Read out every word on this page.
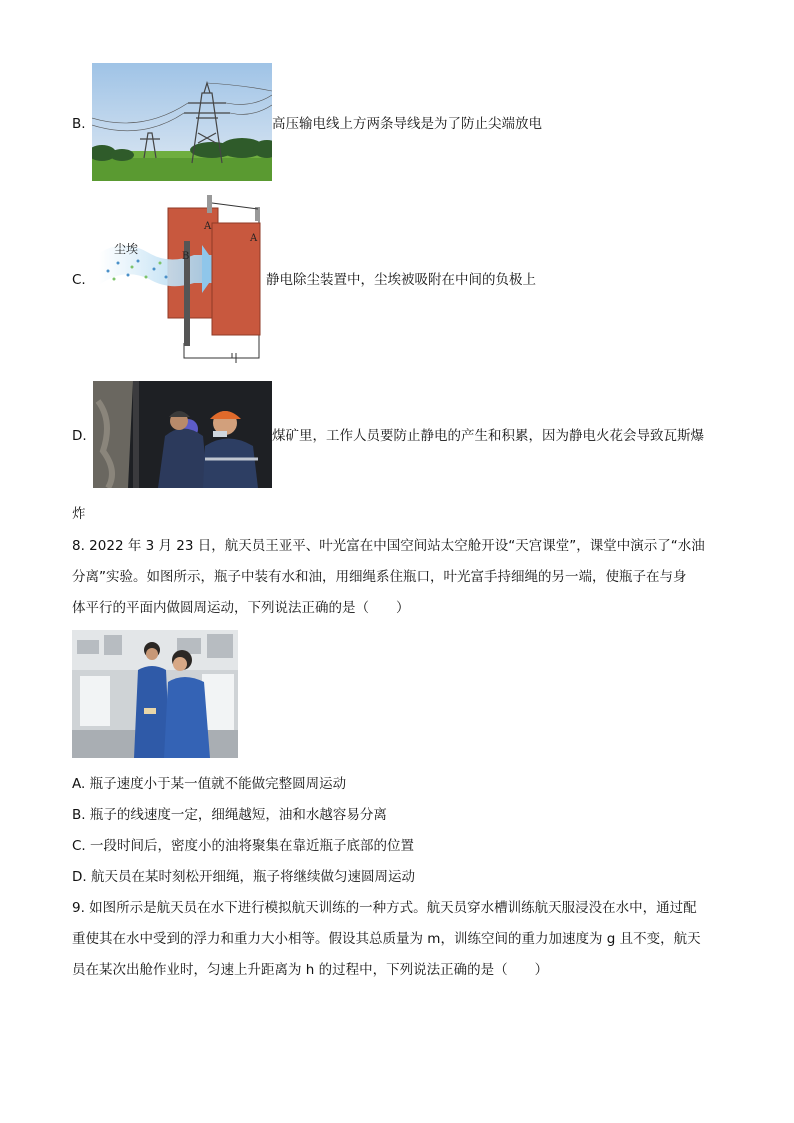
B.	高压输电线上方两条导线是为了防止尖端放电
C.
尘埃
A
A
B
静电除尘装置中，尘埃被吸附在中间的负极上
D.	煤矿里，工作人员要防止静电的产生和积累，因为静电火花会导致瓦斯爆
炸
8. 2022 年 3 月 23 日，航天员王亚平、叶光富在中国空间站太空舱开设“天宫课堂”，课堂中演示了“水油
分离”实验。如图所示，瓶子中装有水和油，用细绳系住瓶口，叶光富手持细绳的另一端，使瓶子在与身
体平行的平面内做圆周运动，下列说法正确的是（　　）
A. 瓶子速度小于某一值就不能做完整圆周运动
B. 瓶子的线速度一定，细绳越短，油和水越容易分离
C. 一段时间后，密度小的油将聚集在靠近瓶子底部的位置
D. 航天员在某时刻松开细绳，瓶子将继续做匀速圆周运动
9. 如图所示是航天员在水下进行模拟航天训练的一种方式。航天员穿水槽训练航天服浸没在水中，通过配
重使其在水中受到的浮力和重力大小相等。假设其总质量为 m，训练空间的重力加速度为 g 且不变，航天
员在某次出舱作业时，匀速上升距离为 h 的过程中，下列说法正确的是（　　）
